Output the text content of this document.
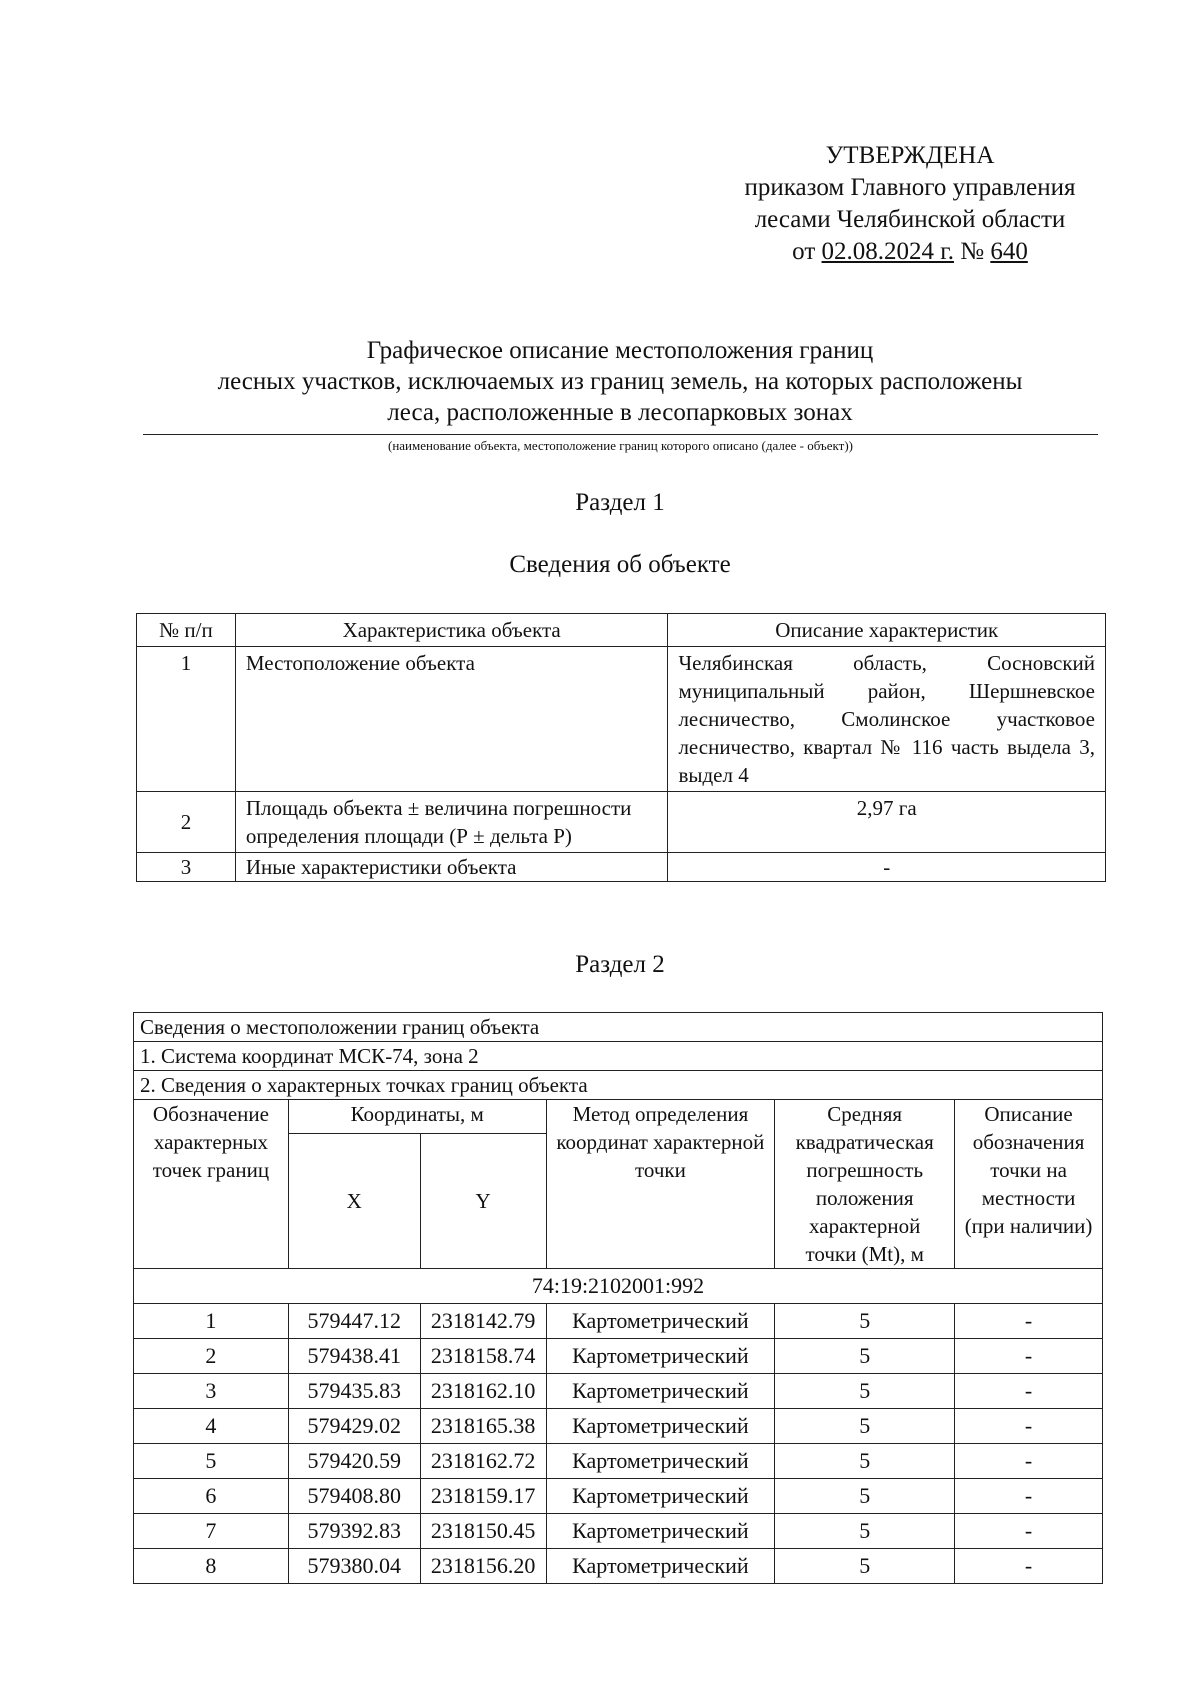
УТВЕРЖДЕНА
приказом Главного управления
лесами Челябинской области
от 02.08.2024 г. № 640
Графическое описание местоположения границ
лесных участков, исключаемых из границ земель, на которых расположены
леса, расположенные в лесопарковых зонах
(наименование объекта, местоположение границ которого описано (далее - объект))
Раздел 1
Сведения об объекте
№ п/п	Характеристика объекта	Описание характеристик
1	Местоположение объекта	Челябинская область, Сосновский муниципальный район, Шершневское лесничество, Смолинское участковое лесничество, квартал № 116 часть выдела 3, выдел 4
2	Площадь объекта ± величина погрешности определения площади (Р ± дельта Р)	2,97 га
3	Иные характеристики объекта	-
Раздел 2
Сведения о местоположении границ объекта					
1. Система координат МСК-74, зона 2					
2. Сведения о характерных точках границ объекта					
Обозначение характерных точек границ	Координаты, м		Метод определения координат характерной точки	Средняя квадратическая погрешность положения характерной точки (Mt), м	Описание обозначения точки на местности (при наличии)
	X	Y			
74:19:2102001:992					
1	579447.12	2318142.79	Картометрический	5	-
2	579438.41	2318158.74	Картометрический	5	-
3	579435.83	2318162.10	Картометрический	5	-
4	579429.02	2318165.38	Картометрический	5	-
5	579420.59	2318162.72	Картометрический	5	-
6	579408.80	2318159.17	Картометрический	5	-
7	579392.83	2318150.45	Картометрический	5	-
8	579380.04	2318156.20	Картометрический	5	-
